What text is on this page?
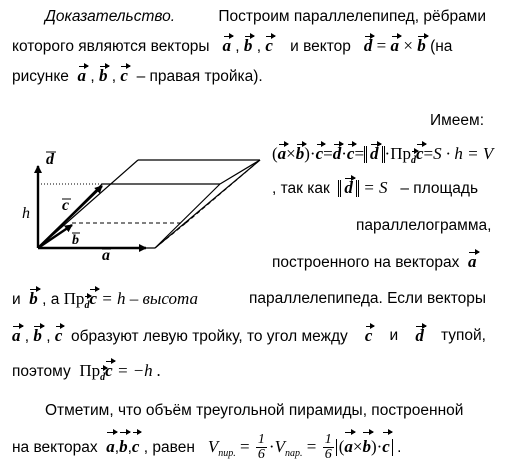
Доказательство.	Построим параллелепипед, рёбрами
которого являются векторы a , b , c и вектор d = a × b (на
рисунке a , b , c – правая тройка).
Имеем:
$(a\times b)\cdot c=d\cdot c= d \cdot Пр_dc=S \cdot h = V$
, так как d = S – площадь
параллелограмма,
построенного на векторах a
и b , а $Пр_dc = h$ – высота	параллелепипеда. Если векторы
a , b , c образуют левую тройку, то угол между c и d тупой,
поэтому $Пр_dc = -h$ .
Отметим, что объём треугольной пирамиды, построенной
на векторах a,b,c , равен $V_{пир.} = \frac{1}{6} \cdot V_{пар.} = \frac{1}{6} (a\times b)\cdot c$ .
d
c
b
a
h
